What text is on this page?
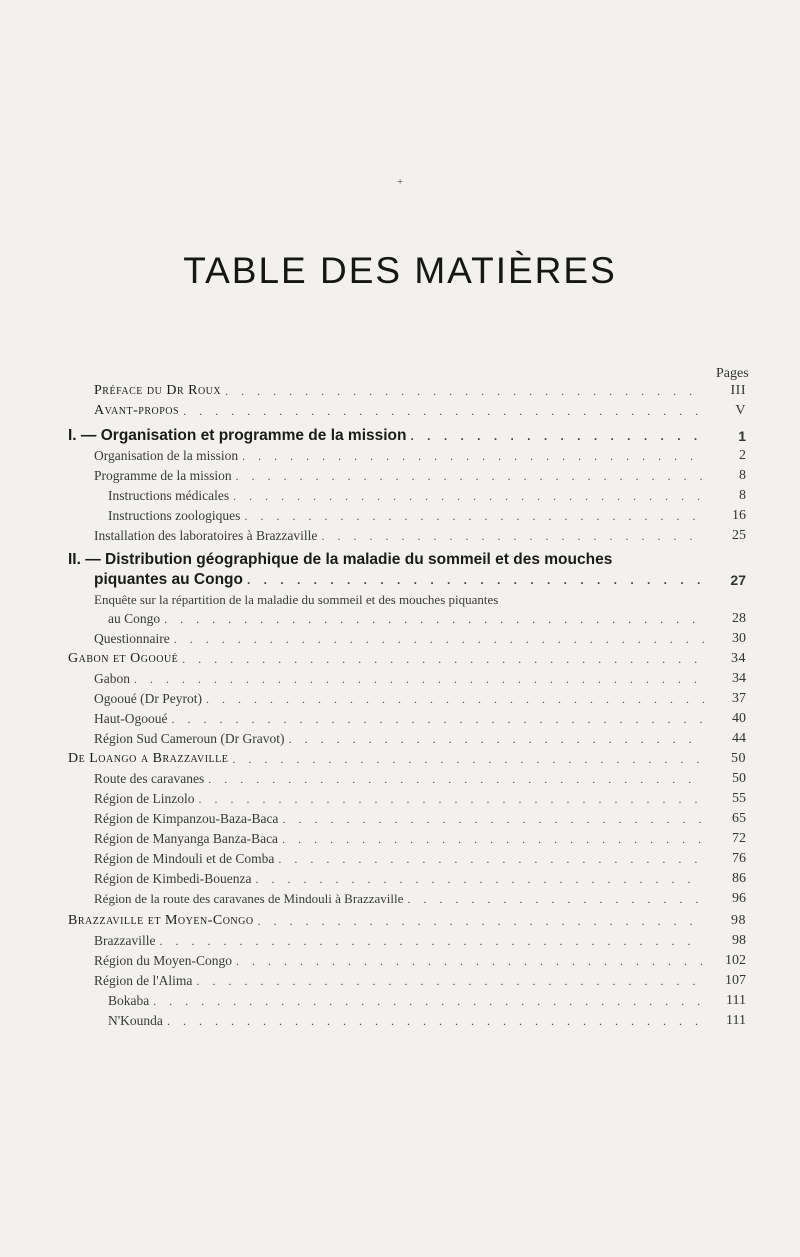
+
TABLE DES MATIÈRES
Pages
Préface du Dr Roux . . .	III
Avant-propos . . .	V
I. — Organisation et programme de la mission . . .	1
Organisation de la mission . . .	2
Programme de la mission . . .	8
Instructions médicales . . .	8
Instructions zoologiques . . .	16
Installation des laboratoires à Brazzaville . . .	25
II. — Distribution géographique de la maladie du sommeil et des mouches
piquantes au Congo . . .	27
Enquête sur la répartition de la maladie du sommeil et des mouches piquantes
au Congo . . .	28
Questionnaire . . .	30
Gabon et Ogooué . . .	34
Gabon . . .	34
Ogooué (Dr Peyrot) . . .	37
Haut-Ogooué . . .	40
Région Sud Cameroun (Dr Gravot) . . .	44
De Loango a Brazzaville . . .	50
Route des caravanes . . .	50
Région de Linzolo . . .	55
Région de Kimpanzou-Baza-Baca . . .	65
Région de Manyanga Banza-Baca . . .	72
Région de Mindouli et de Comba . . .	76
Région de Kimbedi-Bouenza . . .	86
Région de la route des caravanes de Mindouli à Brazzaville . . .	96
Brazzaville et Moyen-Congo . . .	98
Brazzaville . . .	98
Région du Moyen-Congo . . .	102
Région de l'Alima . . .	107
Bokaba . . .	111
N'Kounda . . .	111
